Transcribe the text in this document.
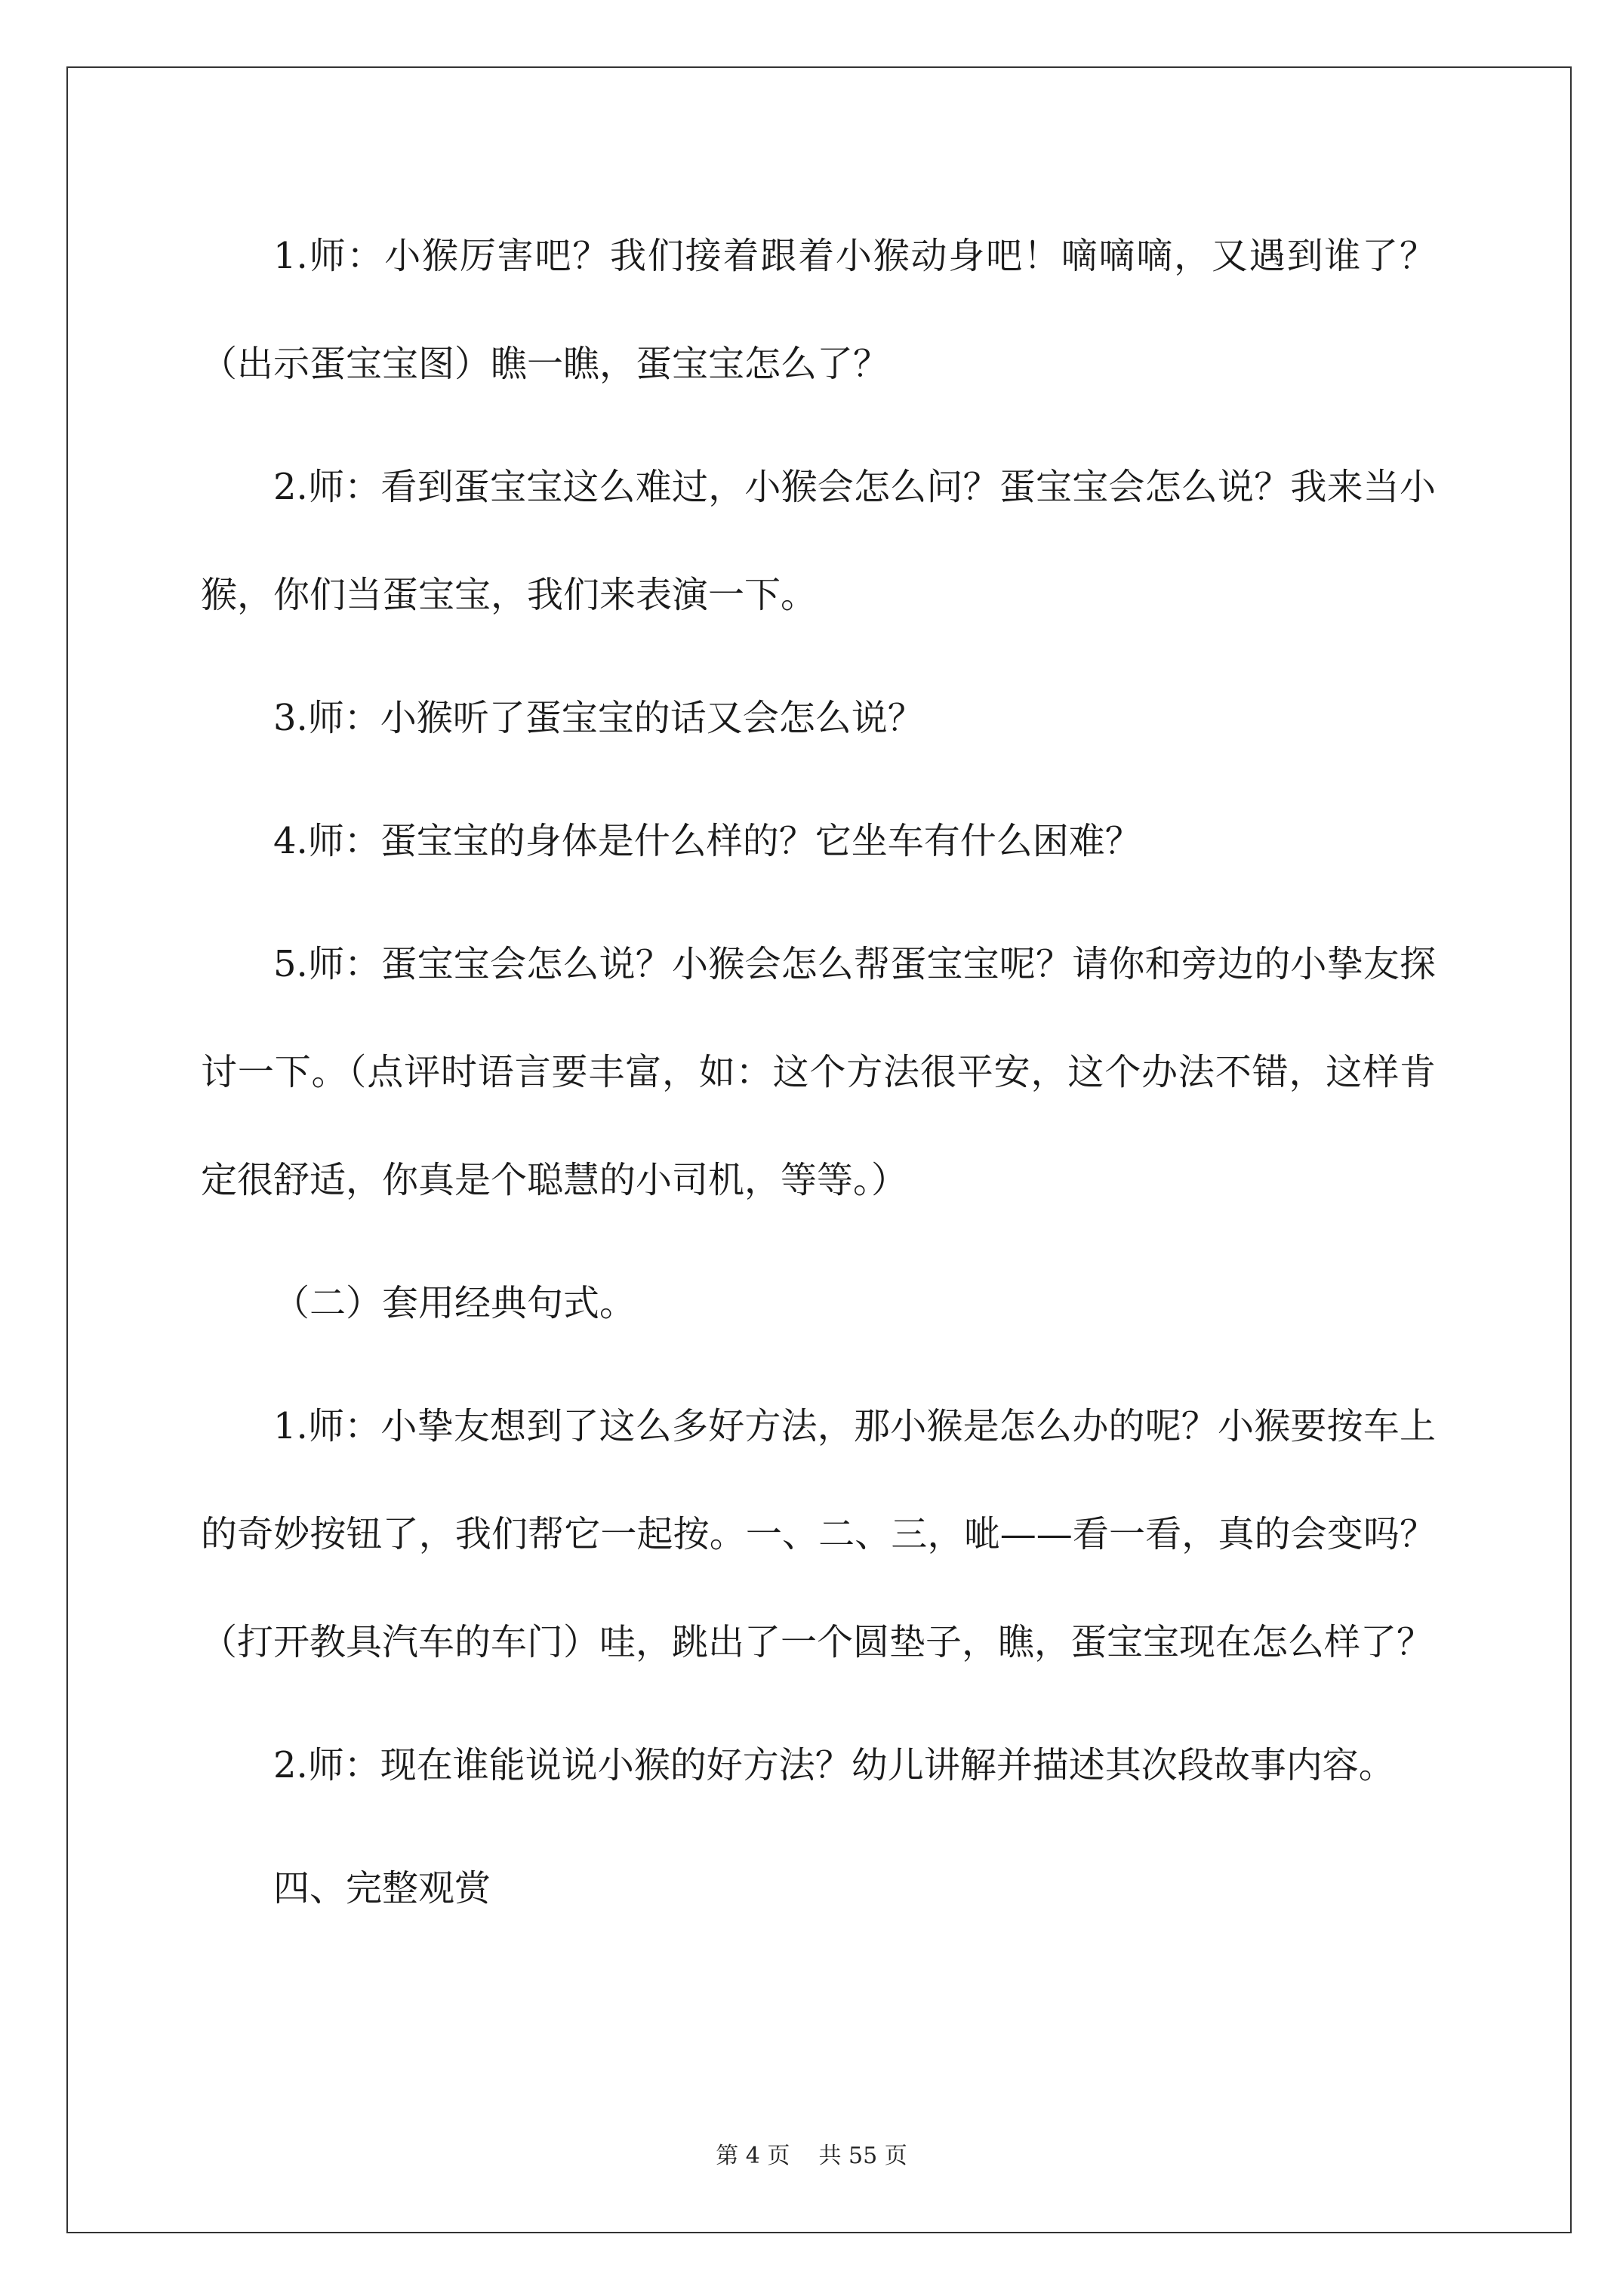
1.师：小猴厉害吧？我们接着跟着小猴动身吧！嘀嘀嘀，又遇到谁了？（出示蛋宝宝图）瞧一瞧，蛋宝宝怎么了？

2.师：看到蛋宝宝这么难过，小猴会怎么问？蛋宝宝会怎么说？我来当小猴，你们当蛋宝宝，我们来表演一下。

3.师：小猴听了蛋宝宝的话又会怎么说？

4.师：蛋宝宝的身体是什么样的？它坐车有什么困难？

5.师：蛋宝宝会怎么说？小猴会怎么帮蛋宝宝呢？请你和旁边的小挚友探讨一下。（点评时语言要丰富，如：这个方法很平安，这个办法不错，这样肯定很舒适，你真是个聪慧的小司机，等等。）

（二）套用经典句式。

1.师：小挚友想到了这么多好方法，那小猴是怎么办的呢？小猴要按车上的奇妙按钮了，我们帮它一起按。一、二、三，呲——看一看，真的会变吗？（打开教具汽车的车门）哇，跳出了一个圆垫子，瞧，蛋宝宝现在怎么样了？

2.师：现在谁能说说小猴的好方法？幼儿讲解并描述其次段故事内容。

四、完整观赏

第 4 页    共 55 页
